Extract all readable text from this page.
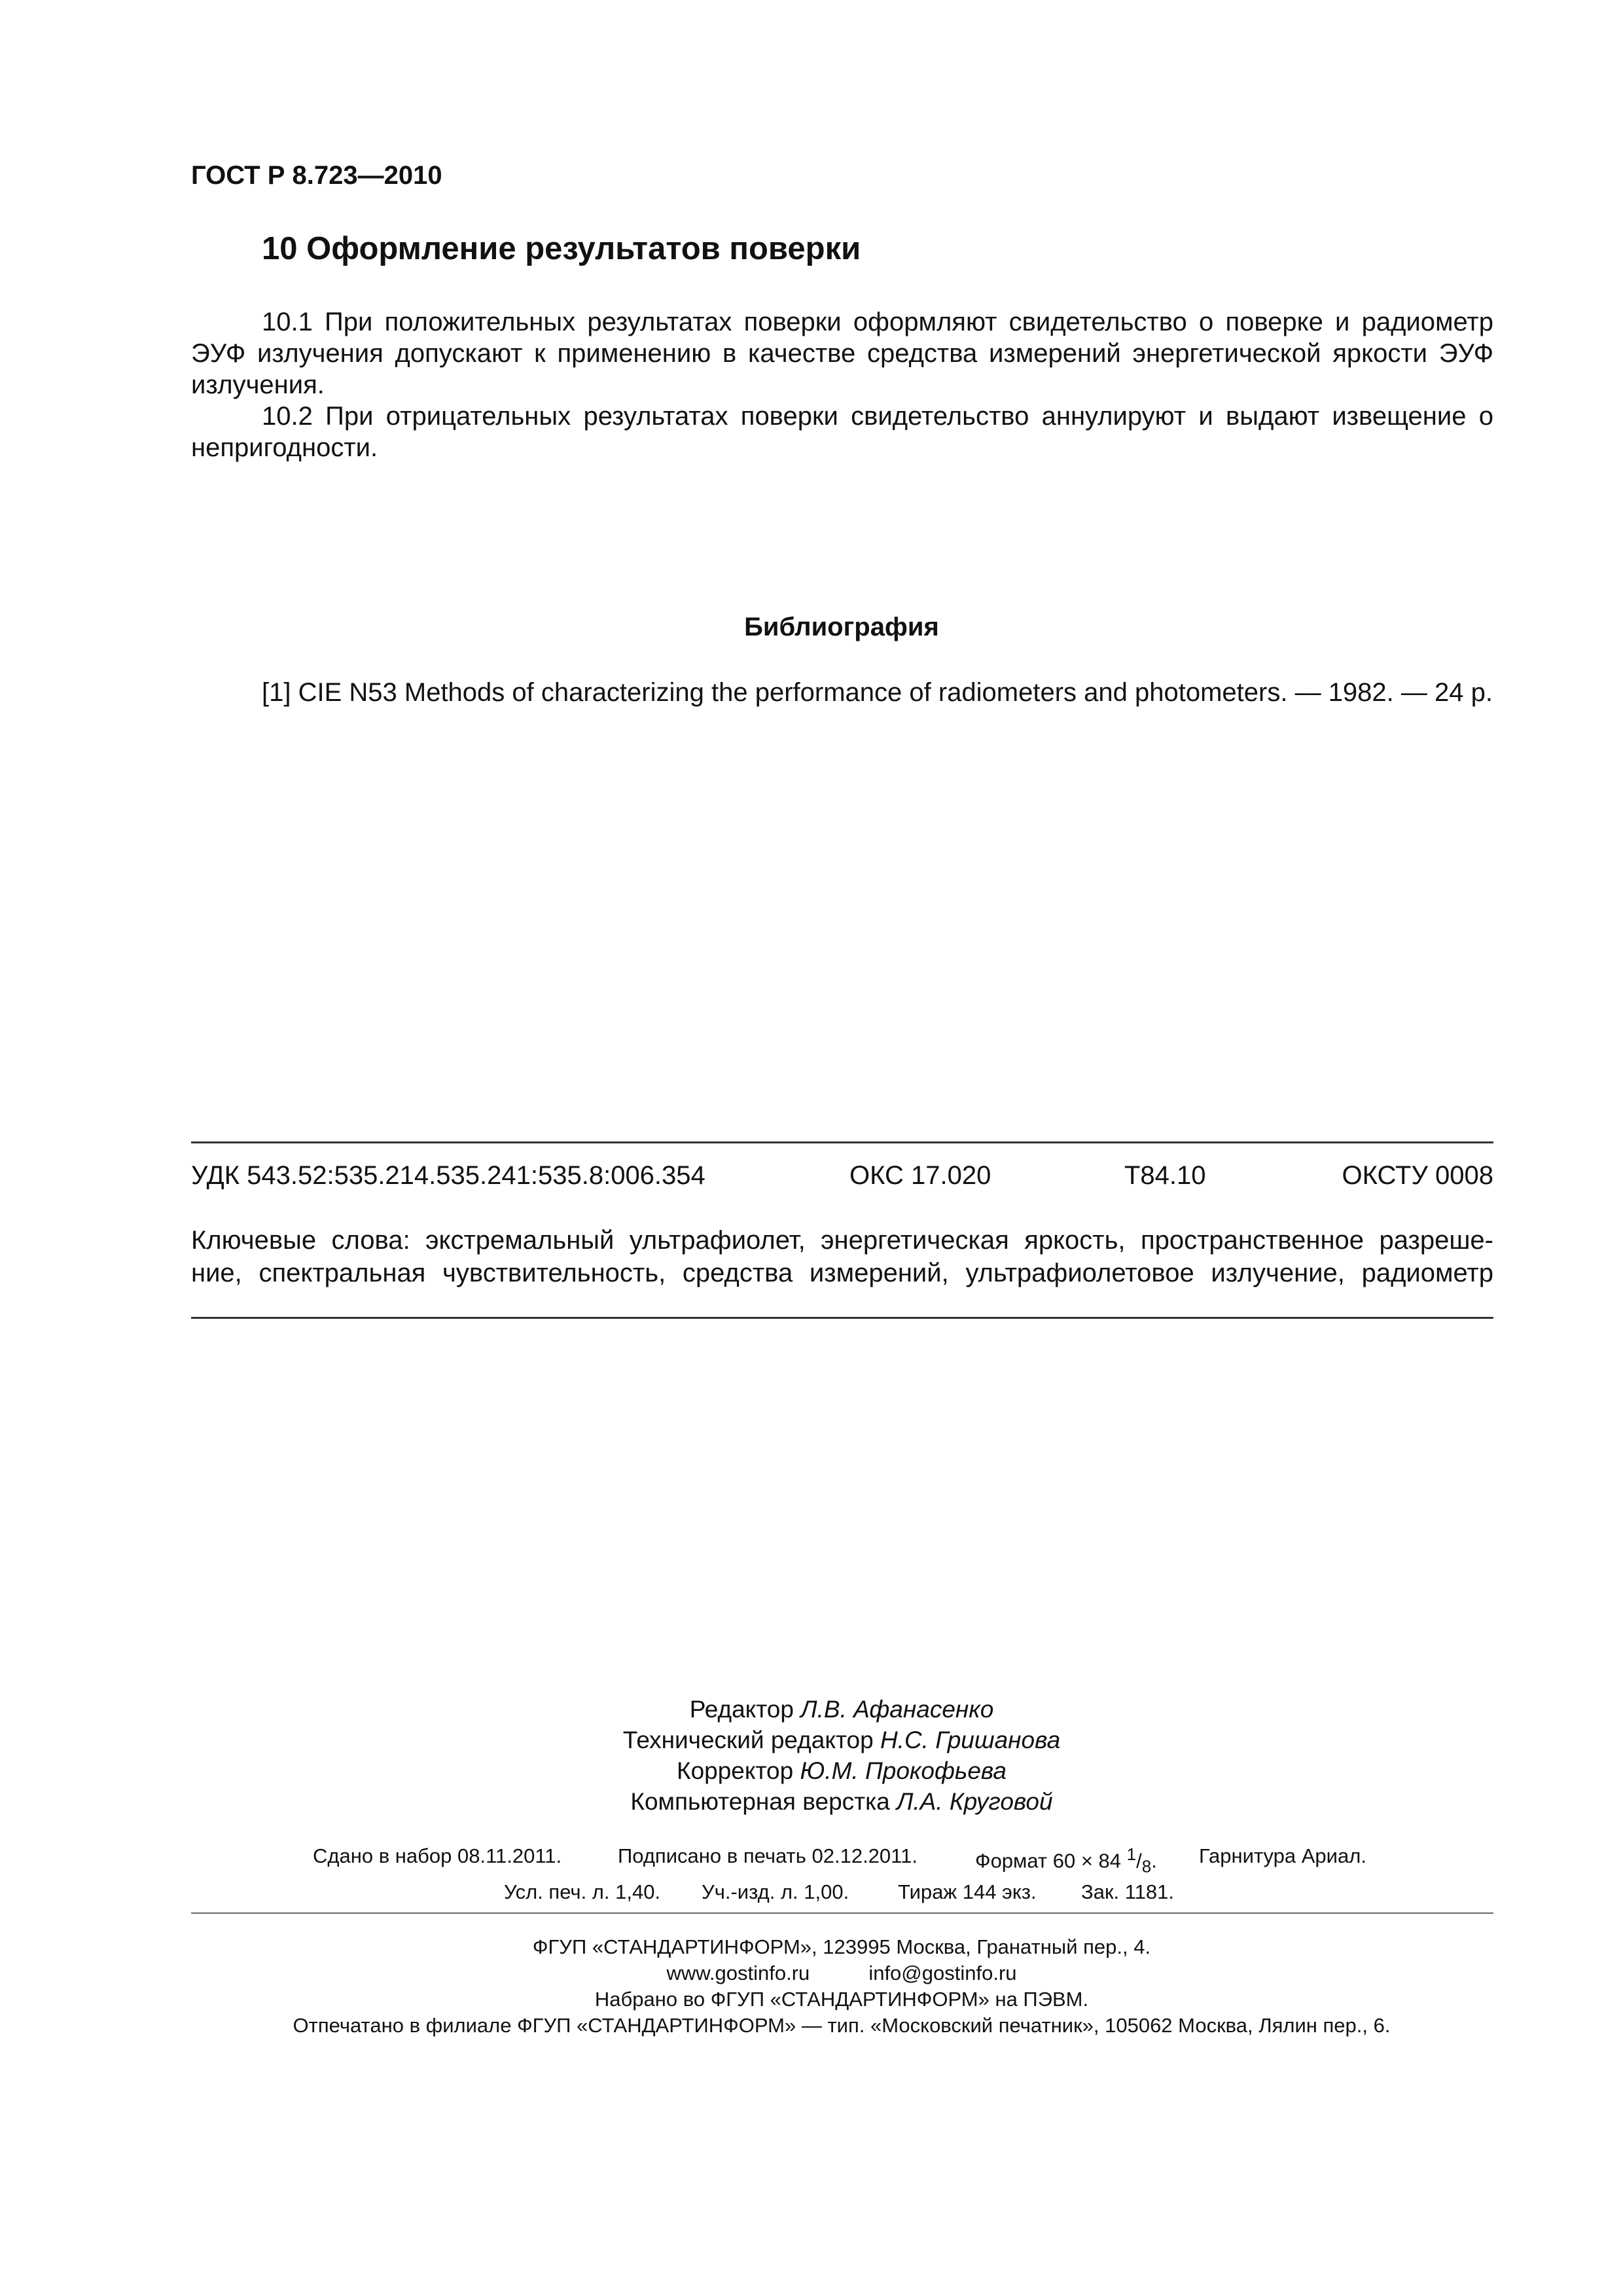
ГОСТ Р 8.723—2010
10 Оформление результатов поверки
10.1 При положительных результатах поверки оформляют свидетельство о поверке и радиометр
ЭУФ излучения допускают к применению в качестве средства измерений энергетической яркости ЭУФ
излучения.
10.2 При отрицательных результатах поверки свидетельство аннулируют и выдают извещение о
непригодности.
Библиография
[1] CIE N53 Methods of characterizing the performance of radiometers and photometers. — 1982. — 24 p.
УДК 543.52:535.214.535.241:535.8:006.354	ОКС 17.020	Т84.10	ОКСТУ 0008
Ключевые слова: экстремальный ультрафиолет, энергетическая яркость, пространственное разреше-
ние, спектральная чувствительность, средства измерений, ультрафиолетовое излучение, радиометр
Редактор Л.В. Афанасенко
Технический редактор Н.С. Гришанова
Корректор Ю.М. Прокофьева
Компьютерная верстка Л.А. Круговой
Сдано в набор 08.11.2011.	Подписано в печать 02.12.2011.	Формат 60 × 84 $^1/_8$. Гарнитура Ариал.
Усл. печ. л. 1,40. Уч.-изд. л. 1,00. Тираж 144 экз. Зак. 1181.
ФГУП «СТАНДАРТИНФОРМ», 123995 Москва, Гранатный пер., 4.
www.gostinfo.ru	info@gostinfo.ru
Набрано во ФГУП «СТАНДАРТИНФОРМ» на ПЭВМ.
Отпечатано в филиале ФГУП «СТАНДАРТИНФОРМ» — тип. «Московский печатник», 105062 Москва, Лялин пер., 6.
